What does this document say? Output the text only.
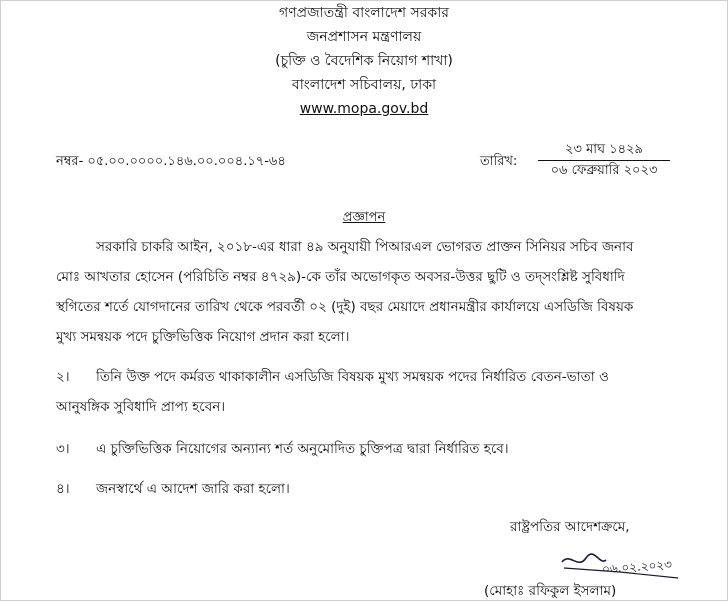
গণপ্রজাতন্ত্রী বাংলাদেশ সরকার
জনপ্রশাসন মন্ত্রণালয়
(চুক্তি ও বৈদেশিক নিয়োগ শাখা)
বাংলাদেশ সচিবালয়, ঢাকা
www.mopa.gov.bd
নম্বর- ০৫.০০.০০০০.১৪৬.০০.০০৪.১৭-৬৪	তারিখ:
২৩ মাঘ ১৪২৯
০৬ ফেব্রুয়ারি ২০২৩
প্রজ্ঞাপন
সরকারি চাকরি আইন, ২০১৮-এর ধারা ৪৯ অনুযায়ী পিআরএল ভোগরত প্রাক্তন সিনিয়র সচিব জনাব
মোঃ আখতার হোসেন (পরিচিতি নম্বর ৪৭২৯)-কে তাঁর অভোগকৃত অবসর-উত্তর ছুটি ও তদ্‌সংশ্লিষ্ট সুবিধাদি
স্থগিতের শর্তে যোগদানের তারিখ থেকে পরবর্তী ০২ (দুই) বছর মেয়াদে প্রধানমন্ত্রীর কার্যালয়ে এসডিজি বিষয়ক
মুখ্য সমন্বয়ক পদে চুক্তিভিত্তিক নিয়োগ প্রদান করা হলো।
২। তিনি উক্ত পদে কর্মরত থাকাকালীন এসডিজি বিষয়ক মুখ্য সমন্বয়ক পদের নির্ধারিত বেতন-ভাতা ও
আনুষঙ্গিক সুবিধাদি প্রাপ্য হবেন।
৩। এ চুক্তিভিত্তিক নিয়োগের অন্যান্য শর্ত অনুমোদিত চুক্তিপত্র দ্বারা নির্ধারিত হবে।
৪। জনস্বার্থে এ আদেশ জারি করা হলো।
রাষ্ট্রপতির আদেশক্রমে,
০৬.০২.২০২৩
(মোহাঃ রফিকুল ইসলাম)
